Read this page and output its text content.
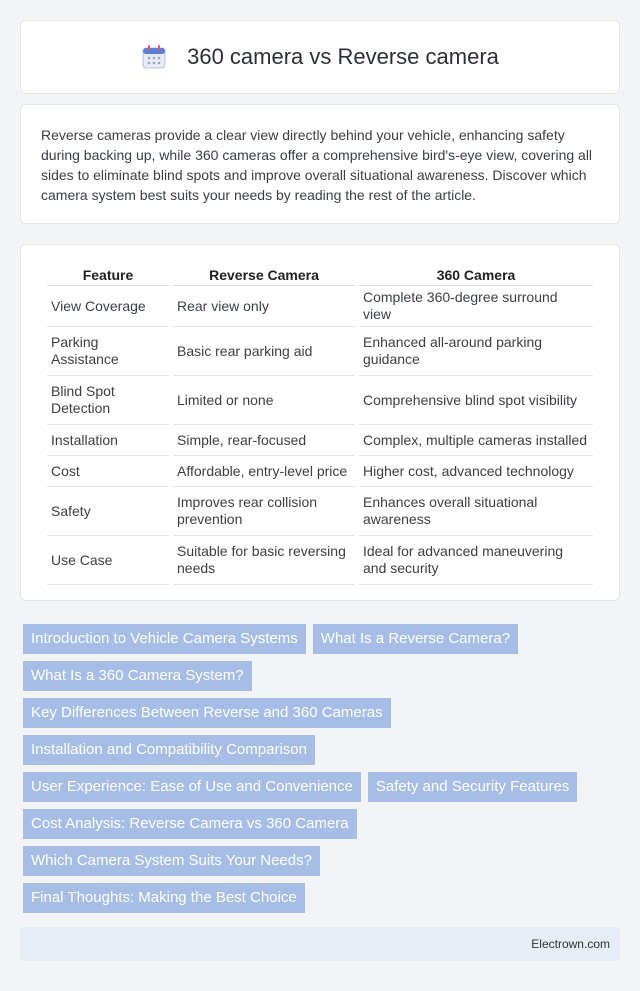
360 camera vs Reverse camera

Reverse cameras provide a clear view directly behind your vehicle, enhancing safety during backing up, while 360 cameras offer a comprehensive bird's-eye view, covering all sides to eliminate blind spots and improve overall situational awareness. Discover which camera system best suits your needs by reading the rest of the article.

Feature	Reverse Camera	360 Camera
View Coverage	Rear view only	Complete 360-degree surround view
Parking Assistance	Basic rear parking aid	Enhanced all-around parking guidance
Blind Spot Detection	Limited or none	Comprehensive blind spot visibility
Installation	Simple, rear-focused	Complex, multiple cameras installed
Cost	Affordable, entry-level price	Higher cost, advanced technology
Safety	Improves rear collision prevention	Enhances overall situational awareness
Use Case	Suitable for basic reversing needs	Ideal for advanced maneuvering and security
Introduction to Vehicle Camera Systems	What Is a Reverse Camera?
What Is a 360 Camera System?
Key Differences Between Reverse and 360 Cameras
Installation and Compatibility Comparison
User Experience: Ease of Use and Convenience	Safety and Security Features
Cost Analysis: Reverse Camera vs 360 Camera
Which Camera System Suits Your Needs?
Final Thoughts: Making the Best Choice
Electrown.com
